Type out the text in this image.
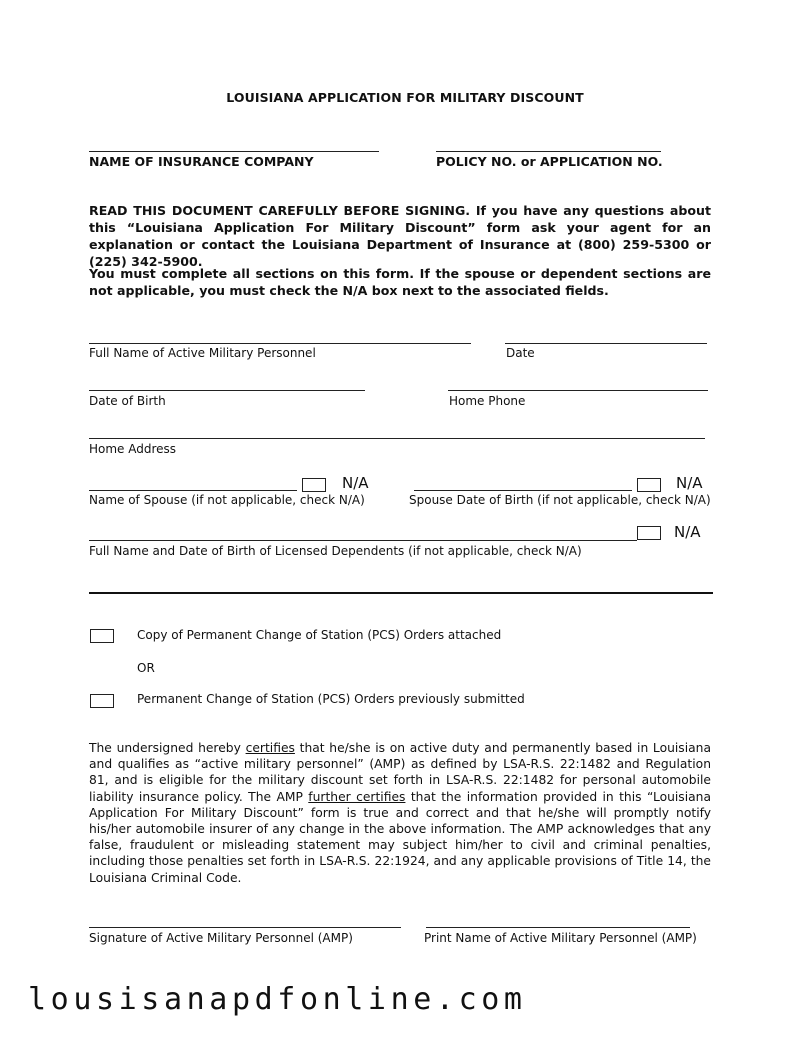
LOUISIANA APPLICATION FOR MILITARY DISCOUNT
NAME OF INSURANCE COMPANY	POLICY NO. or APPLICATION NO.
READ THIS DOCUMENT CAREFULLY BEFORE SIGNING. If you have any questions about this “Louisiana Application For Military Discount” form ask your agent for an explanation or contact the Louisiana Department of Insurance at (800) 259-5300 or (225) 342-5900.
You must complete all sections on this form. If the spouse or dependent sections are not applicable, you must check the N/A box next to the associated fields.
Full Name of Active Military Personnel	Date
Date of Birth	Home Phone
Home Address
N/A	N/A
Name of Spouse (if not applicable, check N/A)	Spouse Date of Birth (if not applicable, check N/A)
N/A
Full Name and Date of Birth of Licensed Dependents (if not applicable, check N/A)
Copy of Permanent Change of Station (PCS) Orders attached
OR
Permanent Change of Station (PCS) Orders previously submitted
The undersigned hereby certifies that he/she is on active duty and permanently based in Louisiana and qualifies as “active military personnel” (AMP) as defined by LSA-R.S. 22:1482 and Regulation 81, and is eligible for the military discount set forth in LSA-R.S. 22:1482 for personal automobile liability insurance policy. The AMP further certifies that the information provided in this “Louisiana Application For Military Discount” form is true and correct and that he/she will promptly notify his/her automobile insurer of any change in the above information. The AMP acknowledges that any false, fraudulent or misleading statement may subject him/her to civil and criminal penalties, including those penalties set forth in LSA-R.S. 22:1924, and any applicable provisions of Title 14, the Louisiana Criminal Code.
Signature of Active Military Personnel (AMP)	Print Name of Active Military Personnel (AMP)
lousisanapdfonline.com
